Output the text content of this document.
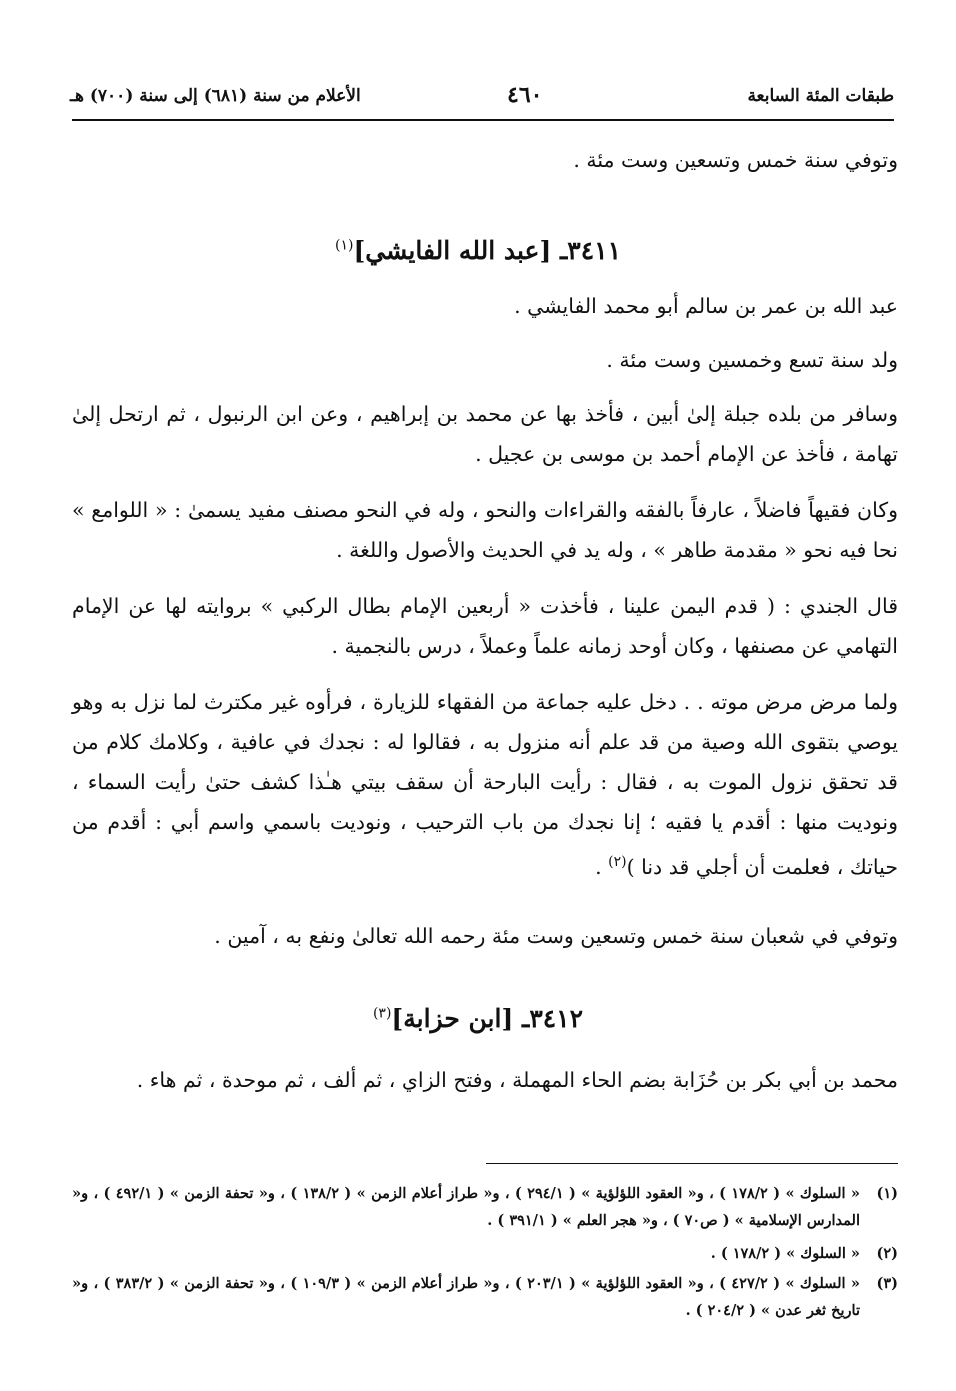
طبقات المئة السابعة
٤٦٠
الأعلام من سنة (٦٨١) إلى سنة (٧٠٠) هـ
وتوفي سنة خمس وتسعين وست مئة .
٣٤١١ـ [عبد الله الفايشي]$^{(١)}$
عبد الله بن عمر بن سالم أبو محمد الفايشي .
ولد سنة تسع وخمسين وست مئة .
وسافر من بلده جبلة إلىٰ أبين ، فأخذ بها عن محمد بن إبراهيم ، وعن ابن الرنبول ، ثم ارتحل إلىٰ تهامة ، فأخذ عن الإمام أحمد بن موسى بن عجيل .
وكان فقيهاً فاضلاً ، عارفاً بالفقه والقراءات والنحو ، وله في النحو مصنف مفيد يسمىٰ : « اللوامع » نحا فيه نحو « مقدمة طاهر » ، وله يد في الحديث والأصول واللغة .
قال الجندي : ( قدم اليمن علينا ، فأخذت « أربعين الإمام بطال الركبي » بروايته لها عن الإمام التهامي عن مصنفها ، وكان أوحد زمانه علماً وعملاً ، درس بالنجمية .
ولما مرض مرض موته . . دخل عليه جماعة من الفقهاء للزيارة ، فرأوه غير مكترث لما نزل به وهو يوصي بتقوى الله وصية من قد علم أنه منزول به ، فقالوا له : نجدك في عافية ، وكلامك كلام من قد تحقق نزول الموت به ، فقال : رأيت البارحة أن سقف بيتي هـٰذا كشف حتىٰ رأيت السماء ، ونوديت منها : أقدم يا فقيه ؛ إنا نجدك من باب الترحيب ، ونوديت باسمي واسم أبي : أقدم من حياتك ، فعلمت أن أجلي قد دنا )$^{(٢)}$ .
وتوفي في شعبان سنة خمس وتسعين وست مئة رحمه الله تعالىٰ ونفع به ، آمين .
٣٤١٢ـ [ابن حزابة]$^{(٣)}$
محمد بن أبي بكر بن حُزَابة بضم الحاء المهملة ، وفتح الزاي ، ثم ألف ، ثم موحدة ، ثم هاء .
(١)
« السلوك » ( ١٧٨/٢ ) ، و« العقود اللؤلؤية » ( ٢٩٤/١ ) ، و« طراز أعلام الزمن » ( ١٣٨/٢ ) ، و« تحفة الزمن » ( ٤٩٢/١ ) ، و« المدارس الإسلامية » ( ص٧٠ ) ، و« هجر العلم » ( ٣٩١/١ ) .
(٢)
« السلوك » ( ١٧٨/٢ ) .
(٣)
« السلوك » ( ٤٢٧/٢ ) ، و« العقود اللؤلؤية » ( ٢٠٣/١ ) ، و« طراز أعلام الزمن » ( ١٠٩/٣ ) ، و« تحفة الزمن » ( ٣٨٣/٢ ) ، و« تاريخ ثغر عدن » ( ٢٠٤/٢ ) .
